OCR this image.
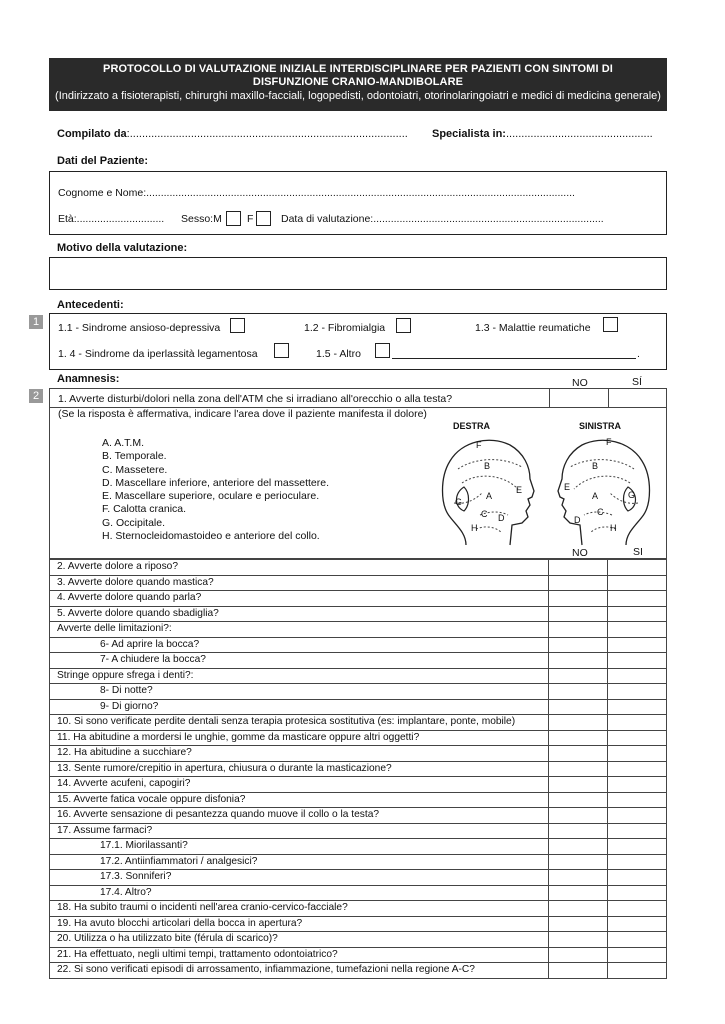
PROTOCOLLO DI VALUTAZIONE INIZIALE INTERDISCIPLINARE PER PAZIENTI CON SINTOMI DI
DISFUNZIONE CRANIO-MANDIBOLARE
(Indirizzato a fisioterapisti, chirurghi maxillo-facciali, logopedisti, odontoiatri, otorinolaringoiatri e medici di medicina generale)
Compilato da:........................................................................................... Specialista in:................................................
Dati del Paziente:
Cognome e Nome:...................................................................................................................................................
Età:.............................. Sesso:M F	Data di valutazione:...............................................................................
Motivo della valutazione:
Antecedenti:
1	1.1 - Sindrome ansioso-depressiva	1.2 - Fibromialgia	1.3 - Malattie reumatiche
1. 4 - Sindrome da iperlassità legamentosa	1.5 - Altro	.
Anamnesis:	NO	SÍ
2	1. Avverte disturbi/dolori nella zona dell'ATM che si irradiano all'orecchio o alla testa?
(Se la risposta è affermativa, indicare l'area dove il paziente manifesta il dolore)
A. A.T.M.
B. Temporale.
C. Massetere.
D. Mascellare inferiore, anteriore del massettere.
E. Mascellare superiore, oculare e perioculare.
F. Calotta cranica.
G. Occipitale.
H. Sternocleidomastoideo e anteriore del collo.
DESTRA	SINISTRA
F
B
E
G
A
C D
H
F
B
E
G
A
C
D
H
NO	SI
2. Avverte dolore a riposo?		
3. Avverte dolore quando mastica?		
4. Avverte dolore quando parla?		
5. Avverte dolore quando sbadiglia?		
Avverte delle limitazioni?:		
6- Ad aprire la bocca?		
7- A chiudere la bocca?		
Stringe oppure sfrega i denti?:		
8- Di notte?		
9- Di giorno?		
10. Si sono verificate perdite dentali senza terapia protesica sostitutiva (es: implantare, ponte, mobile)		
11. Ha abitudine a mordersi le unghie, gomme da masticare oppure altri oggetti?		
12. Ha abitudine a succhiare?		
13. Sente rumore/crepitio in apertura, chiusura o durante la masticazione?		
14. Avverte acufeni, capogiri?		
15. Avverte fatica vocale oppure disfonia?		
16. Avverte sensazione di pesantezza quando muove il collo o la testa?		
17. Assume farmaci?		
17.1. Miorilassanti?		
17.2. Antiinfiammatori / analgesici?		
17.3. Sonniferi?		
17.4. Altro?		
18. Ha subito traumi o incidenti nell'area cranio-cervico-facciale?		
19. Ha avuto blocchi articolari della bocca in apertura?		
20. Utilizza o ha utilizzato bite (férula di scarico)?		
21. Ha effettuato, negli ultimi tempi, trattamento odontoiatrico?		
22. Si sono verificati episodi di arrossamento, infiammazione, tumefazioni nella regione A-C?		
